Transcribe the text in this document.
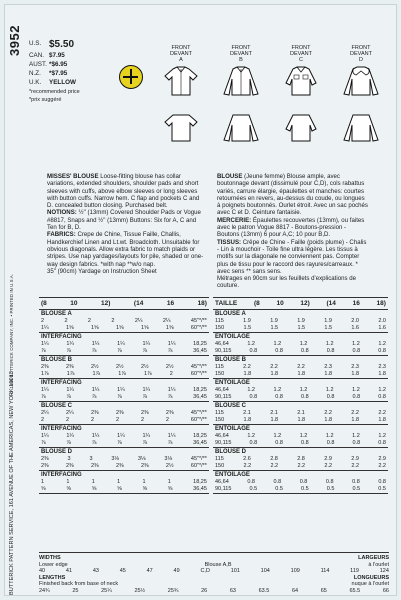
3952
© 1989 BUTTERICK COMPANY, INC. • PRINTED IN U.S.A.
BUTTERICK PATTERN SERVICE, 161 AVENUE OF THE AMERICAS, NEW YORK 10013
U.S. $5.50
CAN. $7.95
AUST. *$6.95
N.Z.	*$7.95
U.K.	YELLOW
*recommended price
*prix suggéré
FRONT
DEVANT
A
FRONT
DEVANT
B
FRONT
DEVANT
C
FRONT
DEVANT
D
MISSES' BLOUSE Loose-fitting blouse has collar variations, extended shoulders, shoulder pads and short sleeves with cuffs, above elbow sleeves or long sleeves with button cuffs. Narrow hem. C flap and pockets C and D. concealed button closing. Purchased belt.
NOTIONS: ½" (13mm) Covered Shoulder Pads or Vogue #8817, Snaps and ½" (13mm) Buttons: Six for A, C and Ten for B, D.
FABRICS: Crepe de Chine, Tissue Faille, Challis, Handkerchief Linen and Lt.wt. Broadcloth. Unsuitable for obvious diagonals. Allow extra fabric to match plaids or stripes. Use nap yardages/layouts for pile, shaded or one-way design fabrics. *with nap **w/o nap.
35" (90cm) Yardage on Instruction Sheet
BLOUSE (Jeune femme) Blouse ample, avec boutonnage devant (dissimulé pour C,D), cols rabattus variés, carrure élargie, épaulettes et manches: courtes retournées en revers, au-dessus du coude, ou longues à poignets boutonnés. Ourlet étroit. Avec un sac pochés avec C et D. Ceinture fantaisie.
MERCERIE: Épaulettes recouvertes (13mm), ou faites avec le patron Vogue 8817 - Boutons-pression - Boutons (13mm) 6 pour A,C; 10 pour B,D.
TISSUS: Crêpe de Chine - Faille (poids plume) - Chalis - Lin à mouchoir - Toile fine ultra légère. Les tissus à motifs sur la diagonale ne conviennent pas. Compter plus de tissu pour le raccord des rayures/carreaux. * avec sens ** sans sens.
Métrages en 90cm sur les feuillets d'explications de couture.
(8	10	12)	(14	16	18)
BLOUSE A
2	2	2	2	2¼	2¼	45"*/**
1¼	1⅝	1⅝	1⅝	1⅝	1⅝	60"*/**
INTERFACING
1¼	1¼	1¼	1¼	1¼	1¼	18,25
⅞	⅞	⅞	⅞	⅞	⅞	36,45
BLOUSE B
2⅜	2⅜	2½	2½	2½	2½	45"*/**
1⅞	1⅞	1⅞	1⅞	1⅞	2	60"*/**
INTERFACING
1¼	1¼	1¼	1¼	1¼	1¼	18,25
⅞	⅞	⅞	⅞	⅞	⅞	36,45
BLOUSE C
2¼	2¼	2⅜	2⅜	2⅜	2⅜	45"*/**
2	2	2	2	2	2	60"*/**
INTERFACING
1¼	1¼	1¼	1¼	1¼	1¼	18,25
⅞	⅞	⅞	⅞	⅞	⅞	36,45
BLOUSE D
2⅜	3	3	3⅛	3⅛	3⅛	45"*/**
2⅜	2⅜	2⅜	2⅜	2⅜	2½	60"*/**
INTERFACING
1	1	1	1	1	1	18,25
⅝	⅝	⅝	⅝	⅝	⅝	36,45
TAILLE	(8	10	12)	(14	16	18)
BLOUSE A
115	1.9	1.9	1.9	1.9	2.0	2.0
150	1.5	1.5	1.5	1.5	1.6	1.6
ENTOILAGE
46,64	1.2	1.2	1.2	1.2	1.2	1.2
90,115	0.8	0.8	0.8	0.8	0.8	0.8
BLOUSE B
115	2.2	2.2	2.2	2.3	2.3	2.3
150	1.8	1.8	1.8	1.8	1.8	1.8
ENTOILAGE
46,64	1.2	1.2	1.2	1.2	1.2	1.2
90,115	0.8	0.8	0.8	0.8	0.8	0.8
BLOUSE C
115	2.1	2.1	2.1	2.2	2.2	2.2
150	1.8	1.8	1.8	1.8	1.8	1.8
ENTOILAGE
46,64	1.2	1.2	1.2	1.2	1.2	1.2
90,115	0.8	0.8	0.8	0.8	0.8	0.8
BLOUSE D
115	2.6	2.8	2.8	2.9	2.9	2.9
150	2.2	2.2	2.2	2.2	2.2	2.2
ENTOILAGE
46,64	0.8	0.8	0.8	0.8	0.8	0.8
90,115	0.5	0.5	0.5	0.5	0.5	0.5
WIDTHS	LARGEURS
Lower edge	Blouse A,B	à l'ourlet
40	41	43	45	47	49	C,D	101	104	109	114	119	124
LENGTHS	LONGUEURS
Finished back from base of neck	nuque à l'ourlet
24¾	25	25¼	25½	25¾	26	63	63.5	64	65	65.5	66
